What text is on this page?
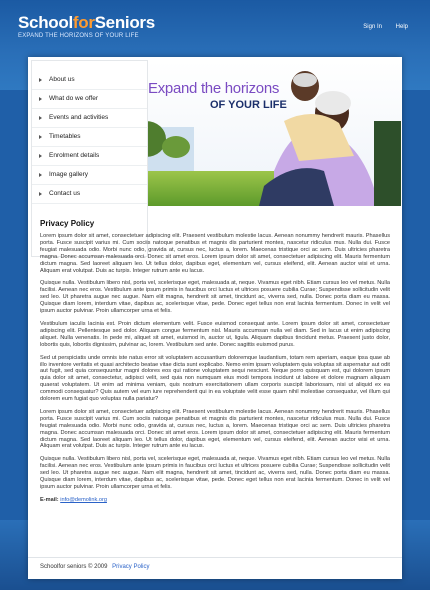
SchoolforSeniors
EXPAND THE HORIZONS OF YOUR LIFE
Sign In Help
Expand the horizons
OF YOUR LIFE
About us
What do we offer
Events and activities
Timetables
Enrolment details
Image gallery
Contact us
Privacy Policy

Lorem ipsum dolor sit amet, consectetuer adipiscing elit. Praesent vestibulum molestie lacus. Aenean nonummy hendrerit mauris. Phasellus porta. Fusce suscipit varius mi. Cum sociis natoque penatibus et magnis dis parturient montes, nascetur ridiculus mus. Nulla dui. Fusce feugiat malesuada odio. Morbi nunc odio, gravida at, cursus nec, luctus a, lorem. Maecenas tristique orci ac sem. Duis ultricies pharetra magna. Donec accumsan malesuada orci. Donec sit amet eros. Lorem ipsum dolor sit amet, consectetuer adipiscing elit. Mauris fermentum dictum magna. Sed laoreet aliquam leo. Ut tellus dolor, dapibus eget, elementum vel, cursus eleifend, elit. Aenean auctor wisi et urna. Aliquam erat volutpat. Duis ac turpis. Integer rutrum ante eu lacus.

Quisque nulla. Vestibulum libero nisl, porta vel, scelerisque eget, malesuada at, neque. Vivamus eget nibh. Etiam cursus leo vel metus. Nulla facilisi. Aenean nec eros. Vestibulum ante ipsum primis in faucibus orci luctus et ultrices posuere cubilia Curae; Suspendisse sollicitudin velit sed leo. Ut pharetra augue nec augue. Nam elit magna, hendrerit sit amet, tincidunt ac, viverra sed, nulla. Donec porta diam eu massa. Quisque diam lorem, interdum vitae, dapibus ac, scelerisque vitae, pede. Donec eget tellus non erat lacinia fermentum. Donec in velit vel ipsum auctor pulvinar. Proin ullamcorper urna et felis.

Vestibulum iaculis lacinia est. Proin dictum elementum velit. Fusce euismod consequat ante. Lorem ipsum dolor sit amet, consectetuer adipiscing elit. Pellentesque sed dolor. Aliquam congue fermentum nisl. Mauris accumsan nulla vel diam. Sed in lacus ut enim adipiscing aliquet. Nulla venenatis. In pede mi, aliquet sit amet, euismod in, auctor ut, ligula. Aliquam dapibus tincidunt metus. Praesent justo dolor, lobortis quis, lobortis dignissim, pulvinar ac, lorem. Vestibulum sed ante. Donec sagittis euismod purus.

Sed ut perspiciatis unde omnis iste natus error sit voluptatem accusantium doloremque laudantium, totam rem aperiam, eaque ipsa quae ab illo inventore veritatis et quasi architecto beatae vitae dicta sunt explicabo. Nemo enim ipsam voluptatem quia voluptas sit aspernatur aut odit aut fugit, sed quia consequuntur magni dolores eos qui ratione voluptatem sequi nesciunt. Neque porro quisquam est, qui dolorem ipsum quia dolor sit amet, consectetur, adipisci velit, sed quia non numquam eius modi tempora incidunt ut labore et dolore magnam aliquam quaerat voluptatem. Ut enim ad minima veniam, quis nostrum exercitationem ullam corporis suscipit laboriosam, nisi ut aliquid ex ea commodi consequatur? Quis autem vel eum iure reprehenderit qui in ea voluptate velit esse quam nihil molestiae consequatur, vel illum qui dolorem eum fugiat quo voluptas nulla pariatur?

Lorem ipsum dolor sit amet, consectetuer adipiscing elit. Praesent vestibulum molestie lacus. Aenean nonummy hendrerit mauris. Phasellus porta. Fusce suscipit varius mi. Cum sociis natoque penatibus et magnis dis parturient montes, nascetur ridiculus mus. Nulla dui. Fusce feugiat malesuada odio. Morbi nunc odio, gravida at, cursus nec, luctus a, lorem. Maecenas tristique orci ac sem. Duis ultricies pharetra magna. Donec accumsan malesuada orci. Donec sit amet eros. Lorem ipsum dolor sit amet, consectetuer adipiscing elit. Mauris fermentum dictum magna. Sed laoreet aliquam leo. Ut tellus dolor, dapibus eget, elementum vel, cursus eleifend, elit. Aenean auctor wisi et urna. Aliquam erat volutpat. Duis ac turpis. Integer rutrum ante eu lacus.

Quisque nulla. Vestibulum libero nisl, porta vel, scelerisque eget, malesuada at, neque. Vivamus eget nibh. Etiam cursus leo vel metus. Nulla facilisi. Aenean nec eros. Vestibulum ante ipsum primis in faucibus orci luctus et ultrices posuere cubilia Curae; Suspendisse sollicitudin velit sed leo. Ut pharetra augue nec augue. Nam elit magna, hendrerit sit amet, tincidunt ac, viverra sed, nulla. Donec porta diam eu massa. Quisque diam lorem, interdum vitae, dapibus ac, scelerisque vitae, pede. Donec eget tellus non erat lacinia fermentum. Donec in velit vel ipsum auctor pulvinar. Proin ullamcorper urna et felis.

E-mail: info@demolink.org
Schoolfor seniors © 2009 Privacy Policy
